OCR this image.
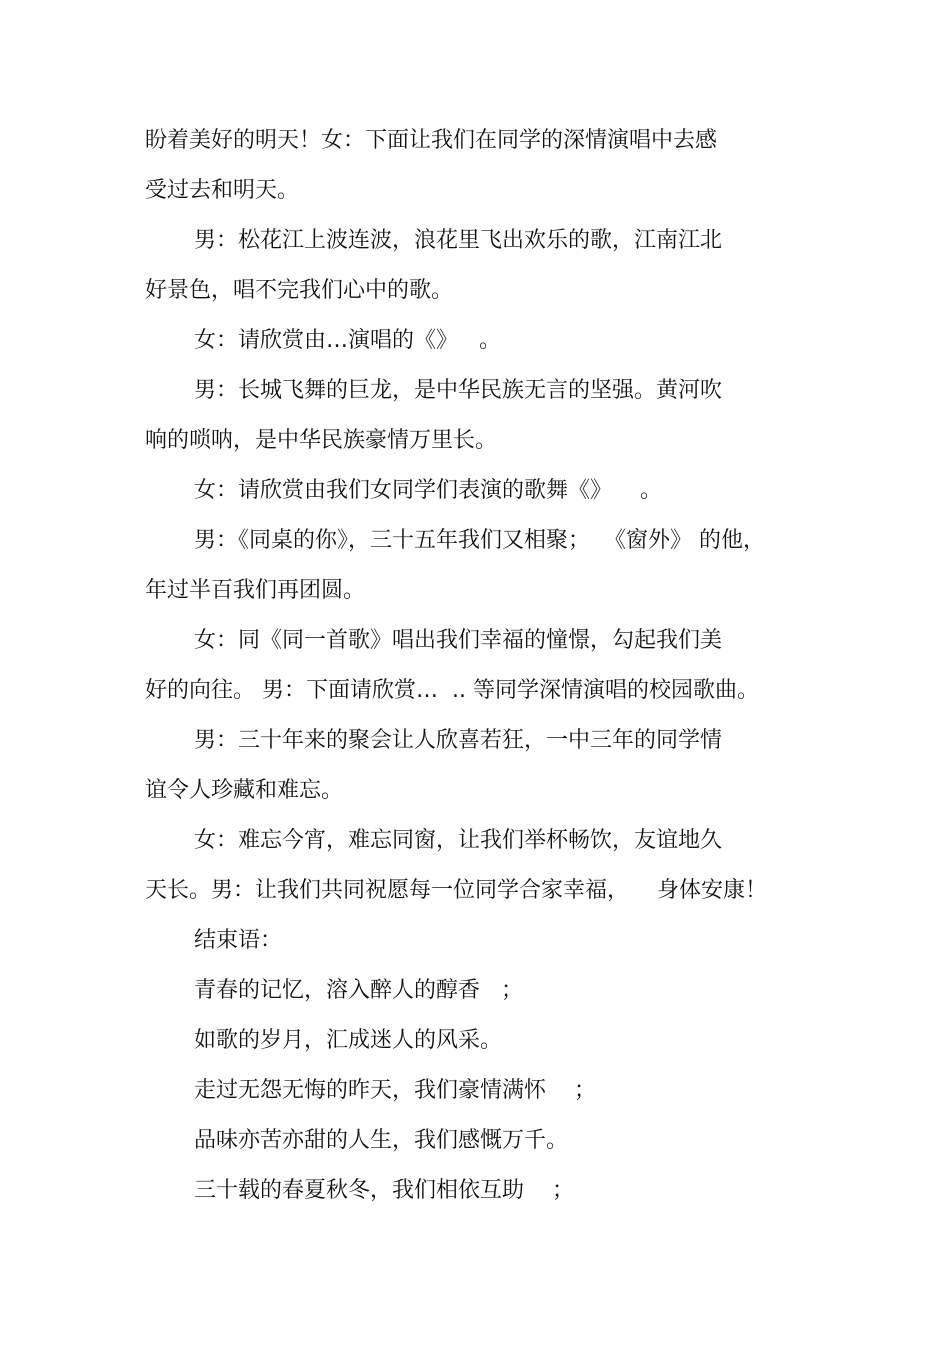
盼着美好的明天！女：下面让我们在同学的深情演唱中去感
受过去和明天。
男：松花江上波连波，浪花里飞出欢乐的歌，江南江北
好景色，唱不完我们心中的歌。
女：请欣赏由…演唱的《》   。
男：长城飞舞的巨龙，是中华民族无言的坚强。黄河吹
响的唢呐，是中华民族豪情万里长。
女：请欣赏由我们女同学们表演的歌舞《》    。
男：《同桌的你》，三十五年我们又相聚；  《窗外》 的他，
年过半百我们再团圆。
女：同《同一首歌》唱出我们幸福的憧憬，勾起我们美
好的向往。 男：下面请欣赏…  .. 等同学深情演唱的校园歌曲。
男：三十年来的聚会让人欣喜若狂，一中三年的同学情
谊令人珍藏和难忘。
女：难忘今宵，难忘同窗，让我们举杯畅饮，友谊地久
天长。男：让我们共同祝愿每一位同学合家幸福，    身体安康！
结束语：
青春的记忆，溶入醉人的醇香   ；
如歌的岁月，汇成迷人的风采。
走过无怨无悔的昨天，我们豪情满怀    ；
品味亦苦亦甜的人生，我们感慨万千。
三十载的春夏秋冬，我们相依互助    ；
